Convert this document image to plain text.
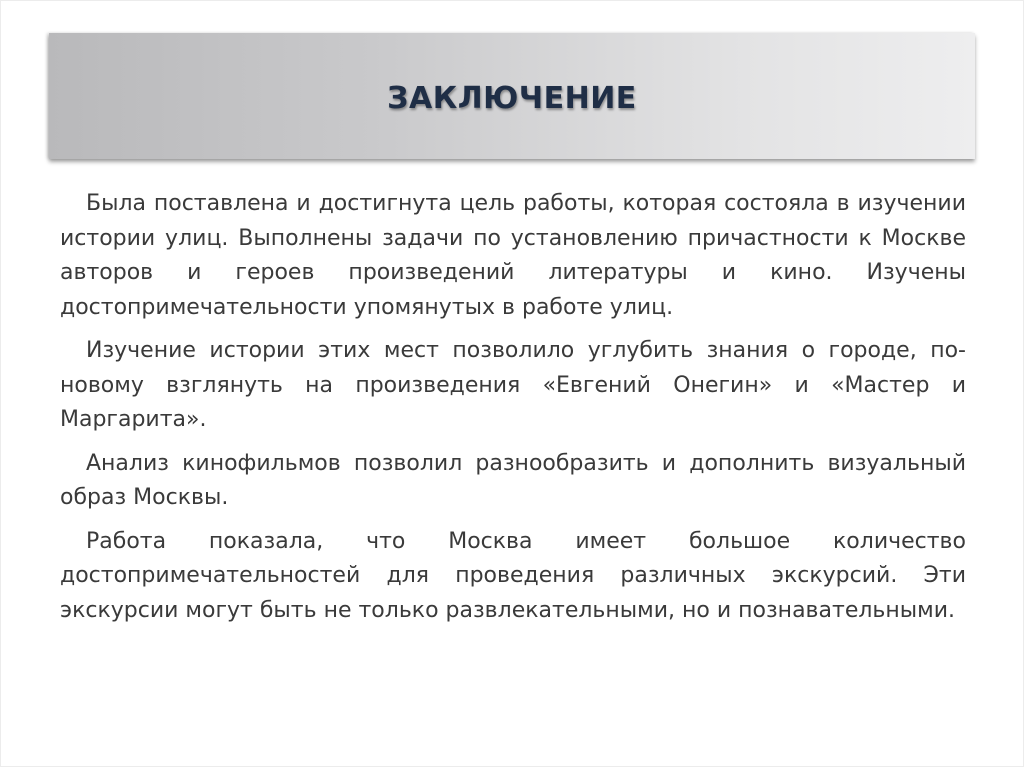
ЗАКЛЮЧЕНИЕ

Была поставлена и достигнута цель работы, которая состояла в изучении истории улиц. Выполнены задачи по установлению причастности к Москве авторов и героев произведений литературы и кино. Изучены достопримечательности упомянутых в работе улиц.

Изучение истории этих мест позволило углубить знания о городе, по-новому взглянуть на произведения «Евгений Онегин» и «Мастер и Маргарита».

Анализ кинофильмов позволил разнообразить и дополнить визуальный образ Москвы.

Работа показала, что Москва имеет большое количество достопримечательностей для проведения различных экскурсий. Эти экскурсии могут быть не только развлекательными, но и познавательными.
